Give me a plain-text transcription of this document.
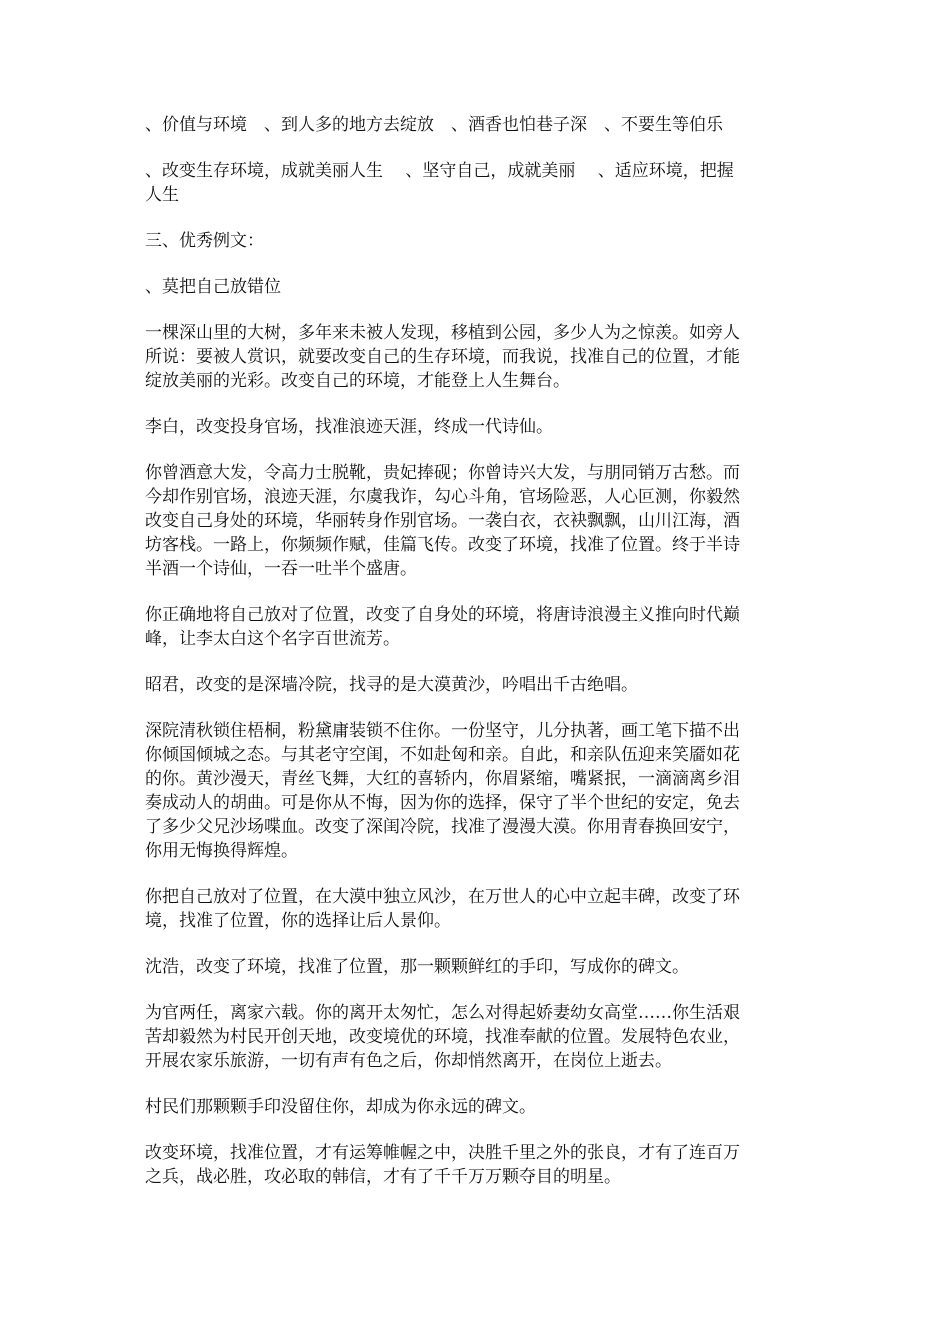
、价值与环境　、到人多的地方去绽放　、酒香也怕巷子深　、不要生等伯乐

、改变生存环境，成就美丽人生　 、坚守自己，成就美丽　 、适应环境，把握
人生

三、优秀例文：

、莫把自己放错位

一棵深山里的大树，多年来未被人发现，移植到公园，多少人为之惊羡。如旁人
所说：要被人赏识，就要改变自己的生存环境，而我说，找准自己的位置，才能
绽放美丽的光彩。改变自己的环境，才能登上人生舞台。

李白，改变投身官场，找准浪迹天涯，终成一代诗仙。

你曾酒意大发，令高力士脱靴，贵妃捧砚；你曾诗兴大发，与朋同销万古愁。而
今却作别官场，浪迹天涯，尔虞我诈，勾心斗角，官场险恶，人心叵测，你毅然
改变自己身处的环境，华丽转身作别官场。一袭白衣，衣袂飘飘，山川江海，酒
坊客栈。一路上，你频频作赋，佳篇飞传。改变了环境，找准了位置。终于半诗
半酒一个诗仙，一吞一吐半个盛唐。

你正确地将自己放对了位置，改变了自身处的环境，将唐诗浪漫主义推向时代巅
峰，让李太白这个名字百世流芳。

昭君，改变的是深墙冷院，找寻的是大漠黄沙，吟唱出千古绝唱。

深院清秋锁住梧桐，粉黛庸装锁不住你。一份坚守，儿分执著，画工笔下描不出
你倾国倾城之态。与其老守空闺，不如赴匈和亲。自此，和亲队伍迎来笑靥如花
的你。黄沙漫天，青丝飞舞，大红的喜轿内，你眉紧缩，嘴紧抿，一滴滴离乡泪
奏成动人的胡曲。可是你从不悔，因为你的选择，保守了半个世纪的安定，免去
了多少父兄沙场喋血。改变了深闺冷院，找准了漫漫大漠。你用青春换回安宁，
你用无悔换得辉煌。

你把自己放对了位置，在大漠中独立风沙，在万世人的心中立起丰碑，改变了环
境，找准了位置，你的选择让后人景仰。

沈浩，改变了环境，找准了位置，那一颗颗鲜红的手印，写成你的碑文。

为官两任，离家六载。你的离开太匆忙，怎么对得起娇妻幼女高堂……你生活艰
苦却毅然为村民开创天地，改变境优的环境，找准奉献的位置。发展特色农业，
开展农家乐旅游，一切有声有色之后，你却悄然离开，在岗位上逝去。

村民们那颗颗手印没留住你，却成为你永远的碑文。

改变环境，找准位置，才有运筹帷幄之中，决胜千里之外的张良，才有了连百万
之兵，战必胜，攻必取的韩信，才有了千千万万颗夺目的明星。
